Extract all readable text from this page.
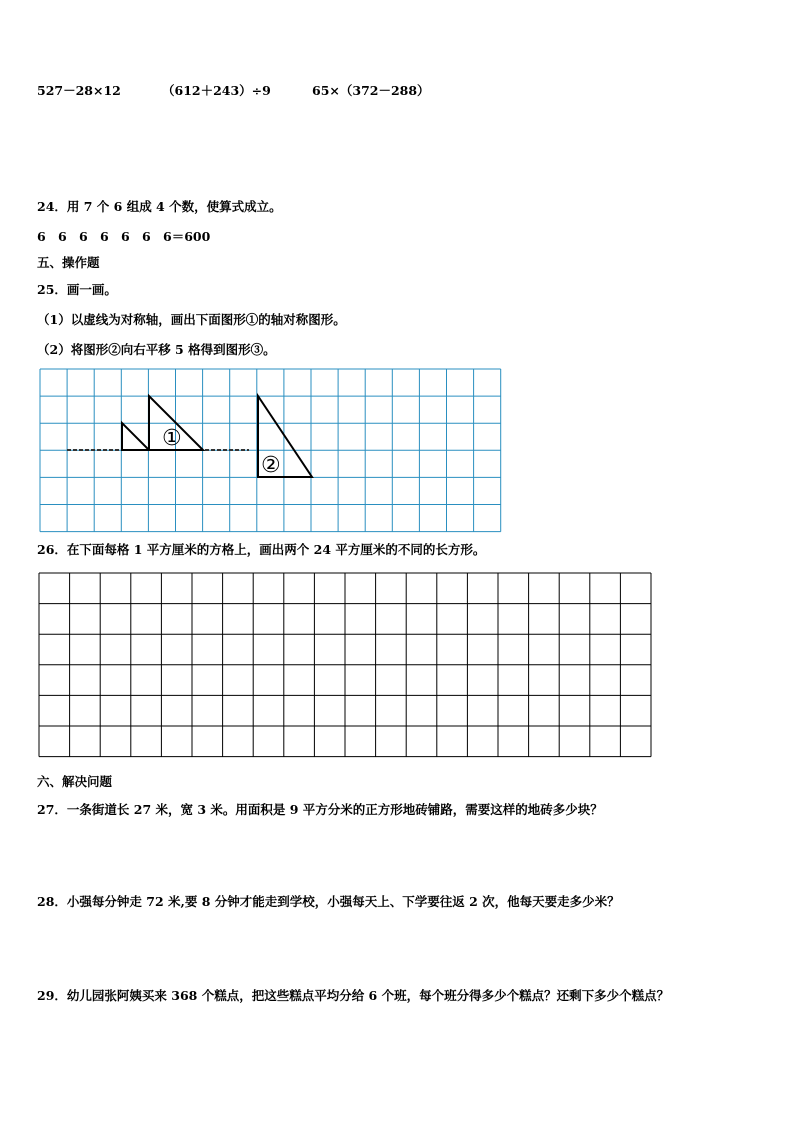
527－28×12	（612＋243）÷9	65×（372－288）
24．用 7 个 6 组成 4 个数，使算式成立。
6 6 6 6 6 6 6＝600
五、操作题
25．画一画。
（1）以虚线为对称轴，画出下面图形①的轴对称图形。
（2）将图形②向右平移 5 格得到图形③。
①
②
26．在下面每格 1 平方厘米的方格上，画出两个 24 平方厘米的不同的长方形。
六、解决问题
27．一条街道长 27 米，宽 3 米。用面积是 9 平方分米的正方形地砖铺路，需要这样的地砖多少块？
28．小强每分钟走 72 米,要 8 分钟才能走到学校，小强每天上、下学要往返 2 次，他每天要走多少米？
29．幼儿园张阿姨买来 368 个糕点，把这些糕点平均分给 6 个班，每个班分得多少个糕点？还剩下多少个糕点？
